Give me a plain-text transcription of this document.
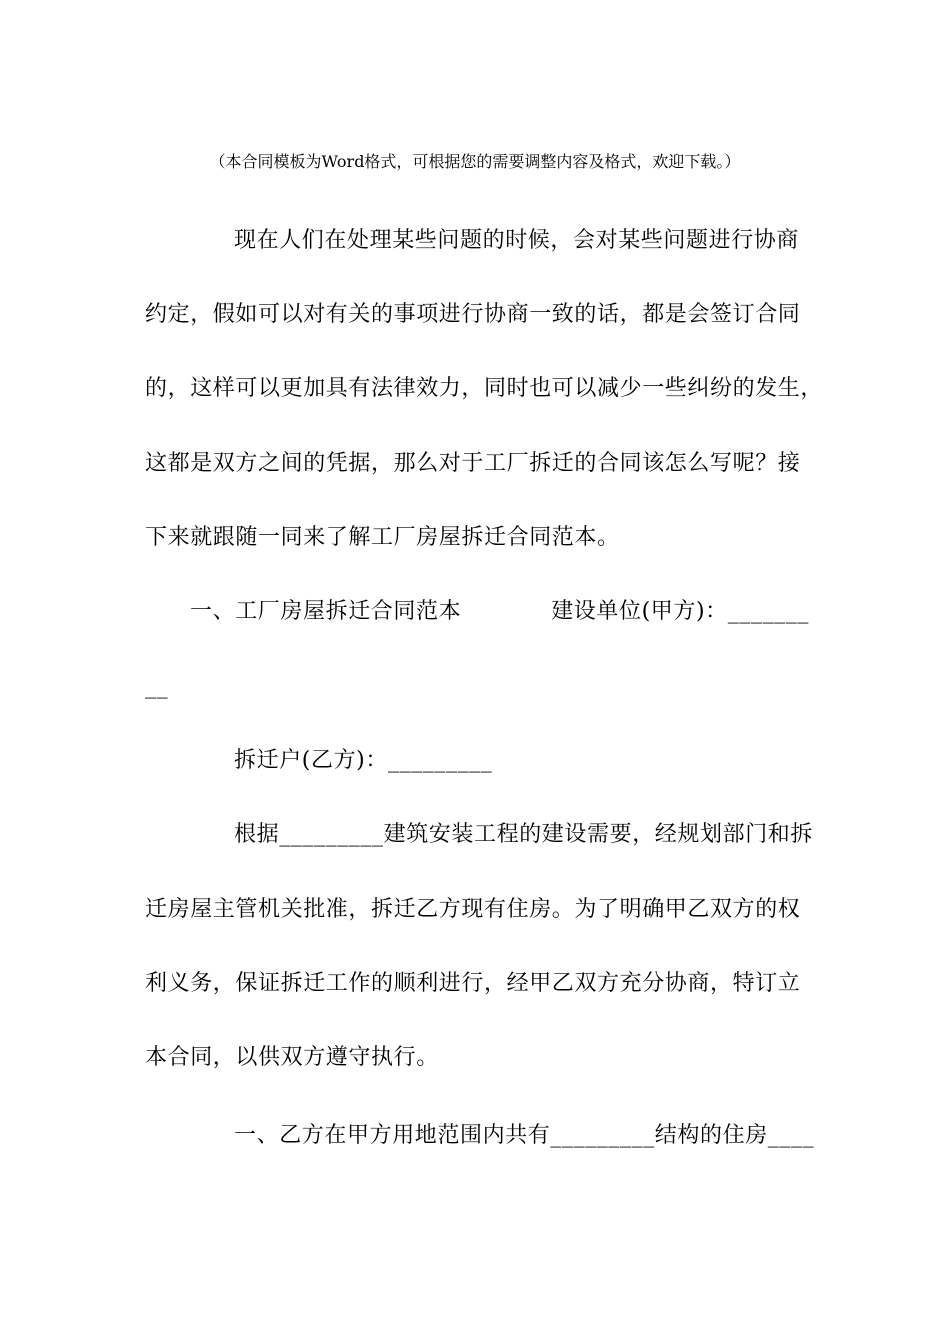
（本合同模板为Word格式，可根据您的需要调整内容及格式，欢迎下载。）
现在人们在处理某些问题的时候，会对某些问题进行协商
约定，假如可以对有关的事项进行协商一致的话，都是会签订合同
的，这样可以更加具有法律效力，同时也可以减少一些纠纷的发生，
这都是双方之间的凭据，那么对于工厂拆迁的合同该怎么写呢？接
下来就跟随一同来了解工厂房屋拆迁合同范本。
一、工厂房屋拆迁合同范本	建设单位(甲方)：_______
__
拆迁户(乙方)：_________
根据_________建筑安装工程的建设需要，经规划部门和拆
迁房屋主管机关批准，拆迁乙方现有住房。为了明确甲乙双方的权
利义务，保证拆迁工作的顺利进行，经甲乙双方充分协商，特订立
本合同，以供双方遵守执行。
一、乙方在甲方用地范围内共有_________结构的住房____
